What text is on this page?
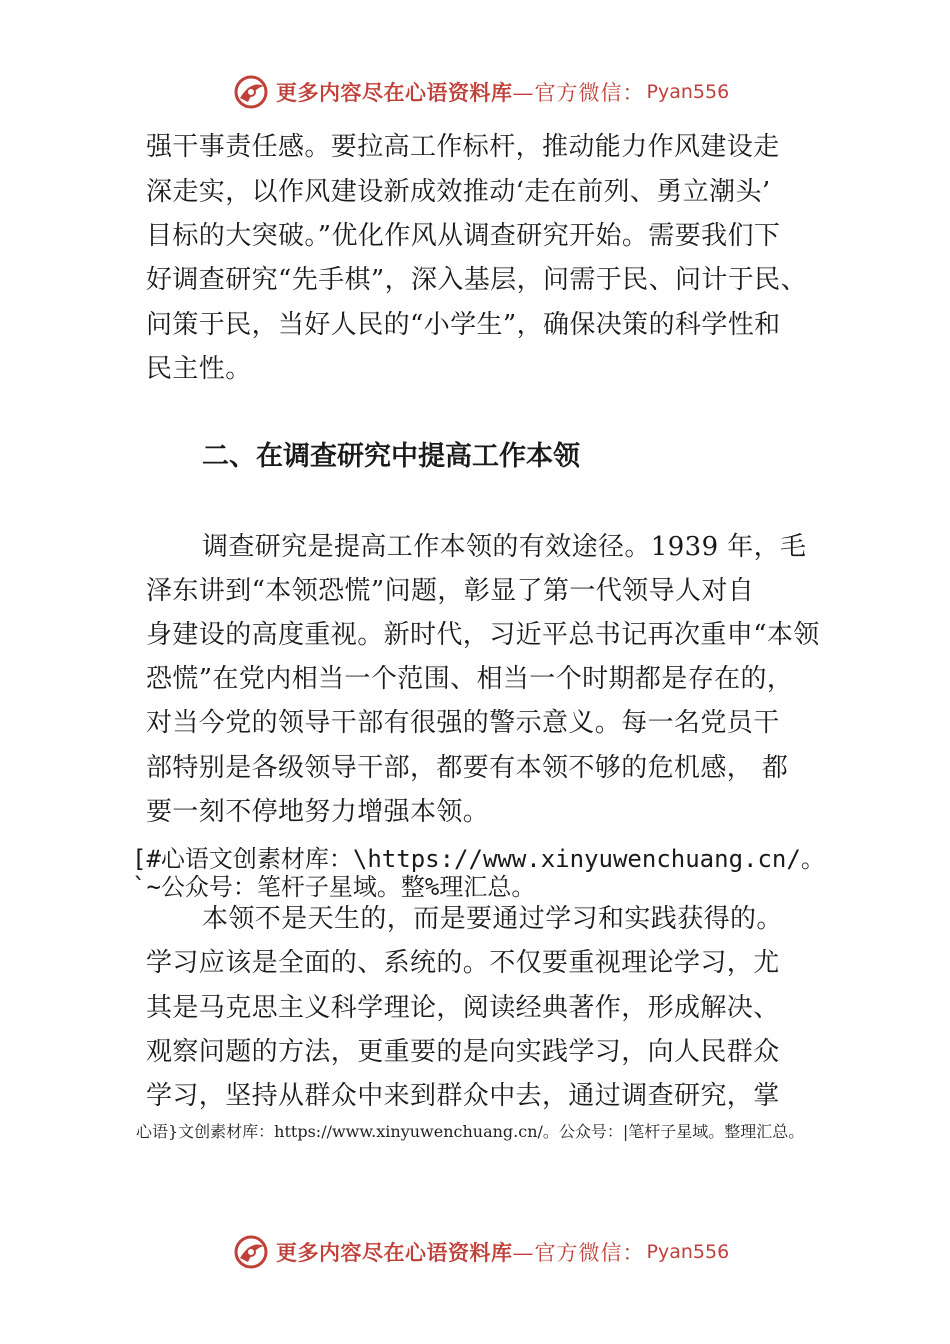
更多内容尽在心语资料库 —官方微信： Pyan556
强干事责任感。要拉高工作标杆，推动能力作风建设走
深走实，以作风建设新成效推动‘走在前列、勇立潮头’
目标的大突破。”优化作风从调查研究开始。需要我们下
好调查研究“先手棋”，深入基层，问需于民、问计于民、
问策于民，当好人民的“小学生”，确保决策的科学性和
民主性。
二、在调查研究中提高工作本领
调查研究是提高工作本领的有效途径。1939 年，毛
泽东讲到“本领恐慌”问题，彰显了第一代领导人对自
身建设的高度重视。新时代，习近平总书记再次重申“本领
恐慌”在党内相当一个范围、相当一个时期都是存在的，
对当今党的领导干部有很强的警示意义。每一名党员干
部特别是各级领导干部，都要有本领不够的危机感， 都
要一刻不停地努力增强本领。
[#心语文创素材库：\https://www.xinyuwenchuang.cn/。
`~公众号：笔杆子星域。整%理汇总。
本领不是天生的，而是要通过学习和实践获得的。
学习应该是全面的、系统的。不仅要重视理论学习，尤
其是马克思主义科学理论，阅读经典著作，形成解决、
观察问题的方法，更重要的是向实践学习，向人民群众
学习，坚持从群众中来到群众中去，通过调查研究，掌
心语}文创素材库：https://www.xinyuwenchuang.cn/。公众号：|笔杆子星域。整理汇总。
更多内容尽在心语资料库 —官方微信： Pyan556
